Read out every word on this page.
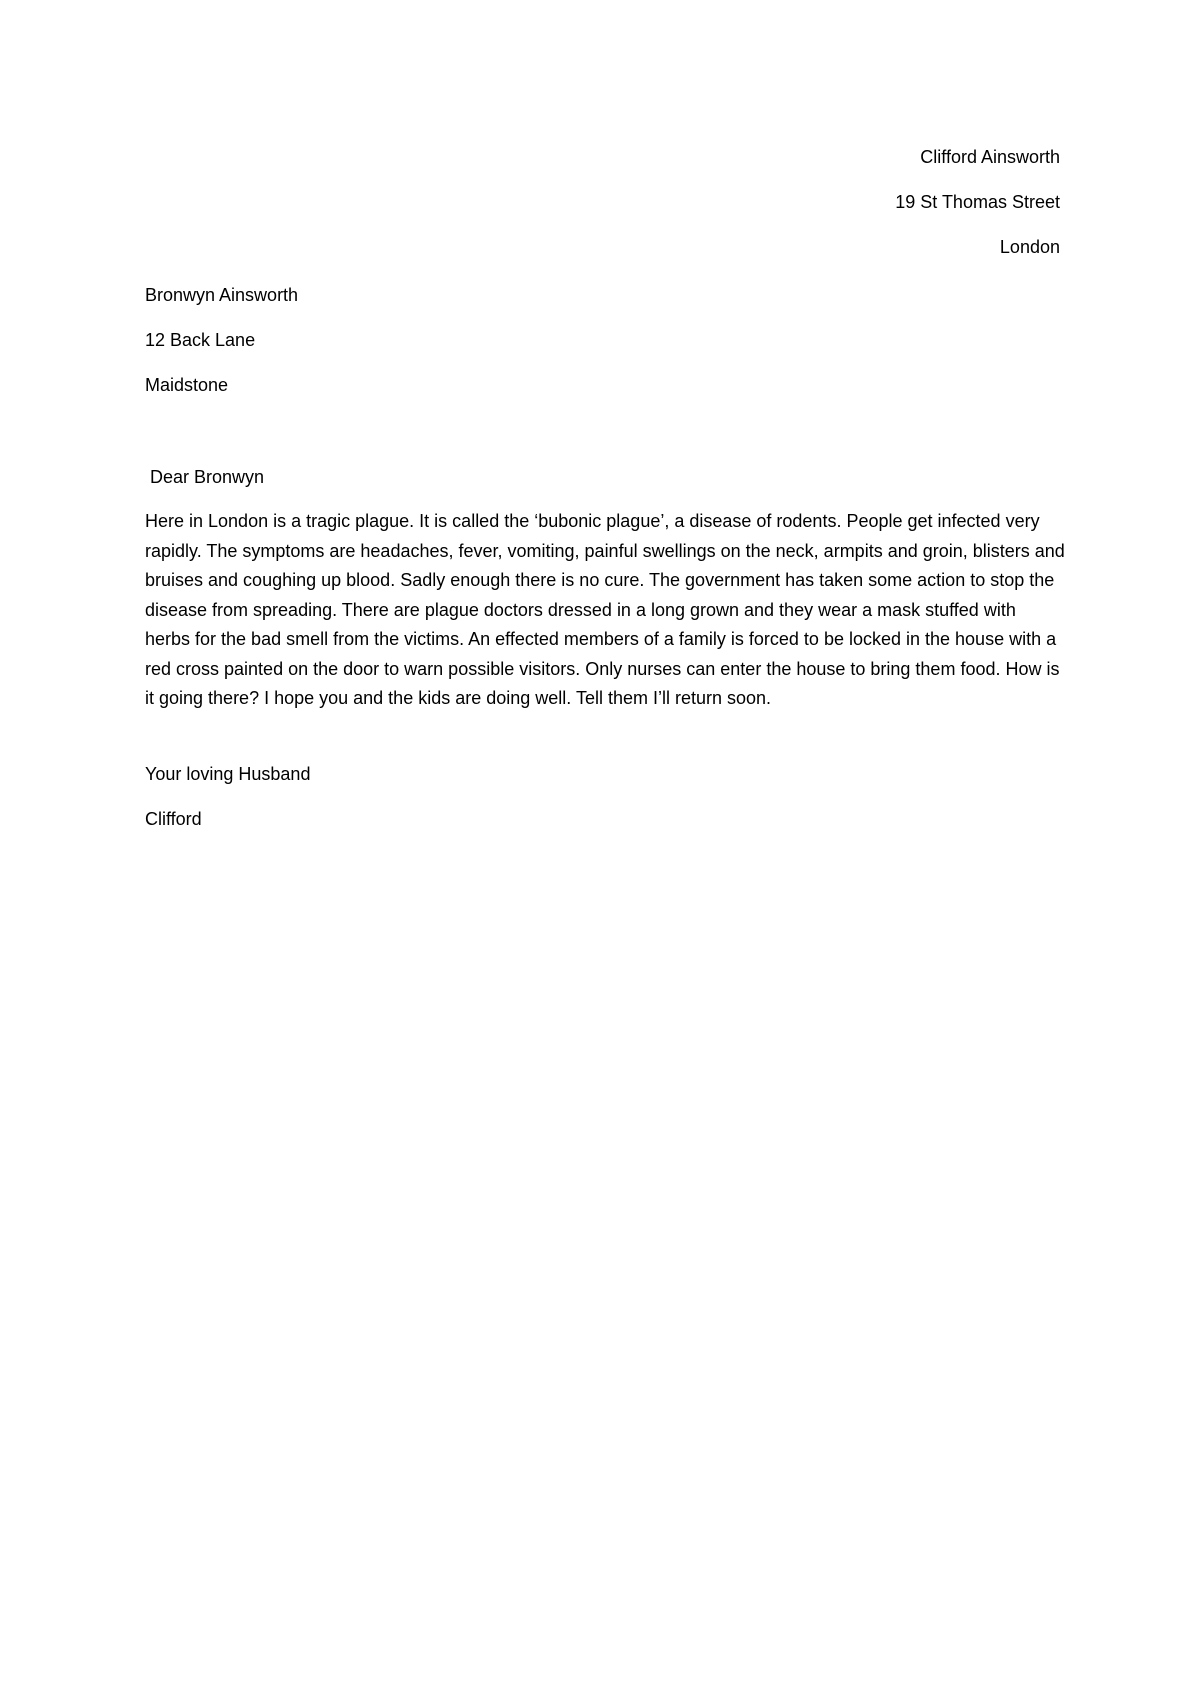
Clifford Ainsworth
19 St Thomas Street
London
Bronwyn Ainsworth
12 Back Lane
Maidstone
Dear Bronwyn

Here in London is a tragic plague. It is called the ‘bubonic plague’, a disease of rodents. People get infected very rapidly. The symptoms are headaches, fever, vomiting, painful swellings on the neck, armpits and groin, blisters and bruises and coughing up blood. Sadly enough there is no cure. The government has taken some action to stop the disease from spreading. There are plague doctors dressed in a long grown and they wear a mask stuffed with herbs for the bad smell from the victims. An effected members of a family is forced to be locked in the house with a red cross painted on the door to warn possible visitors. Only nurses can enter the house to bring them food. How is it going there? I hope you and the kids are doing well. Tell them I’ll return soon.

Your loving Husband
Clifford
